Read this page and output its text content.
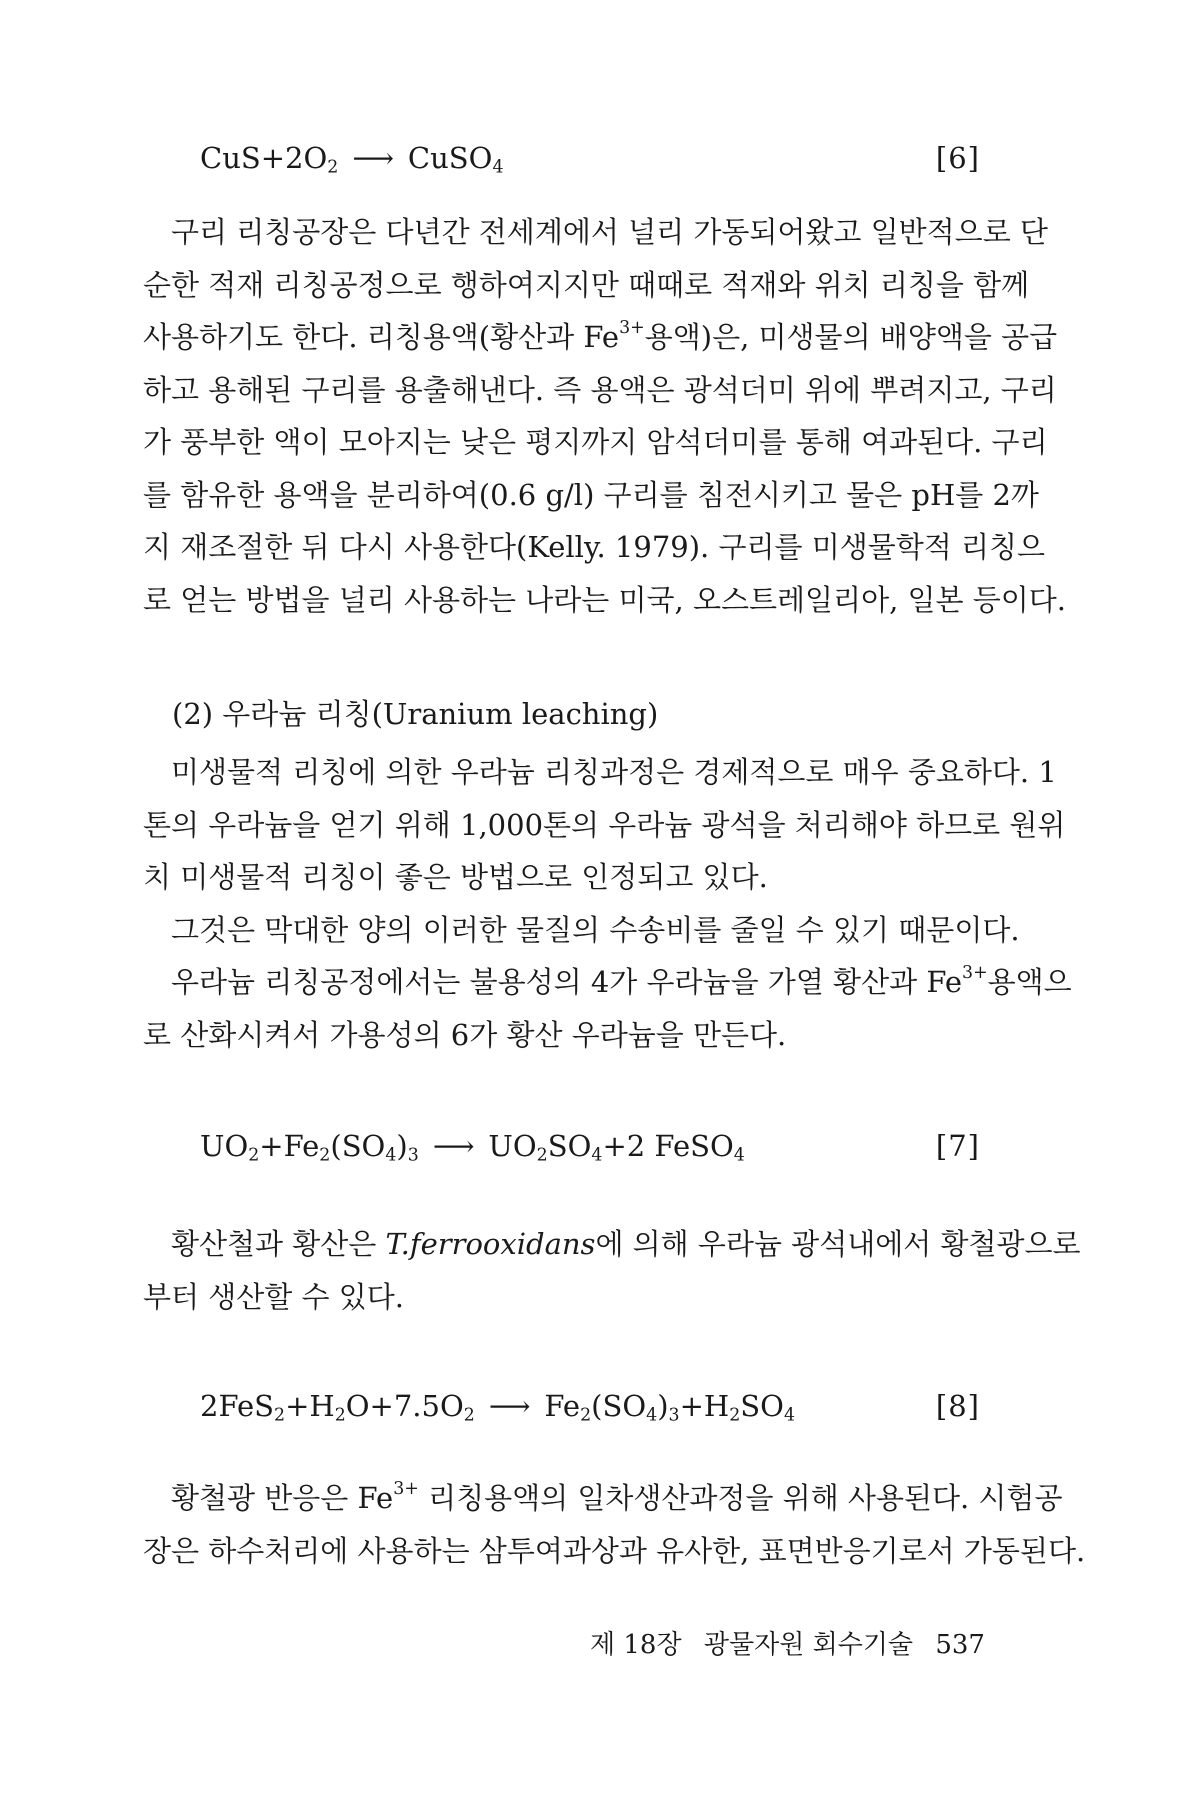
$CuS+2O_2$ ⟶ CuSO$_4$	[6]
구리 리칭공장은 다년간 전세계에서 널리 가동되어왔고 일반적으로 단
순한 적재 리칭공정으로 행하여지지만 때때로 적재와 위치 리칭을 함께
사용하기도 한다. 리칭용액(황산과 $Fe^{3+}$용액)은, 미생물의 배양액을 공급
하고 용해된 구리를 용출해낸다. 즉 용액은 광석더미 위에 뿌려지고, 구리
가 풍부한 액이 모아지는 낮은 평지까지 암석더미를 통해 여과된다. 구리
를 함유한 용액을 분리하여(0.6 g/l) 구리를 침전시키고 물은 pH를 2까
지 재조절한 뒤 다시 사용한다(Kelly. 1979). 구리를 미생물학적 리칭으
로 얻는 방법을 널리 사용하는 나라는 미국, 오스트레일리아, 일본 등이다.
(2) 우라늄 리칭(Uranium leaching)
미생물적 리칭에 의한 우라늄 리칭과정은 경제적으로 매우 중요하다. 1
톤의 우라늄을 얻기 위해 1,000톤의 우라늄 광석을 처리해야 하므로 원위
치 미생물적 리칭이 좋은 방법으로 인정되고 있다.
그것은 막대한 양의 이러한 물질의 수송비를 줄일 수 있기 때문이다.
우라늄 리칭공정에서는 불용성의 4가 우라늄을 가열 황산과 $Fe^{3+}$용액으
로 산화시켜서 가용성의 6가 황산 우라늄을 만든다.
$UO_2+Fe_2(SO_4)_3$ ⟶ $UO_2SO_4+2$ FeSO$_4$	[7]
황산철과 황산은 T.ferrooxidans에 의해 우라늄 광석내에서 황철광으로
부터 생산할 수 있다.
$2FeS_2+H_2O+7.5O_2$ ⟶ $Fe_2(SO_4)_3+H_2SO_4$	[8]
황철광 반응은 $Fe^{3+}$ 리칭용액의 일차생산과정을 위해 사용된다. 시험공
장은 하수처리에 사용하는 삼투여과상과 유사한, 표면반응기로서 가동된다.
제 18장 광물자원 회수기술 537
